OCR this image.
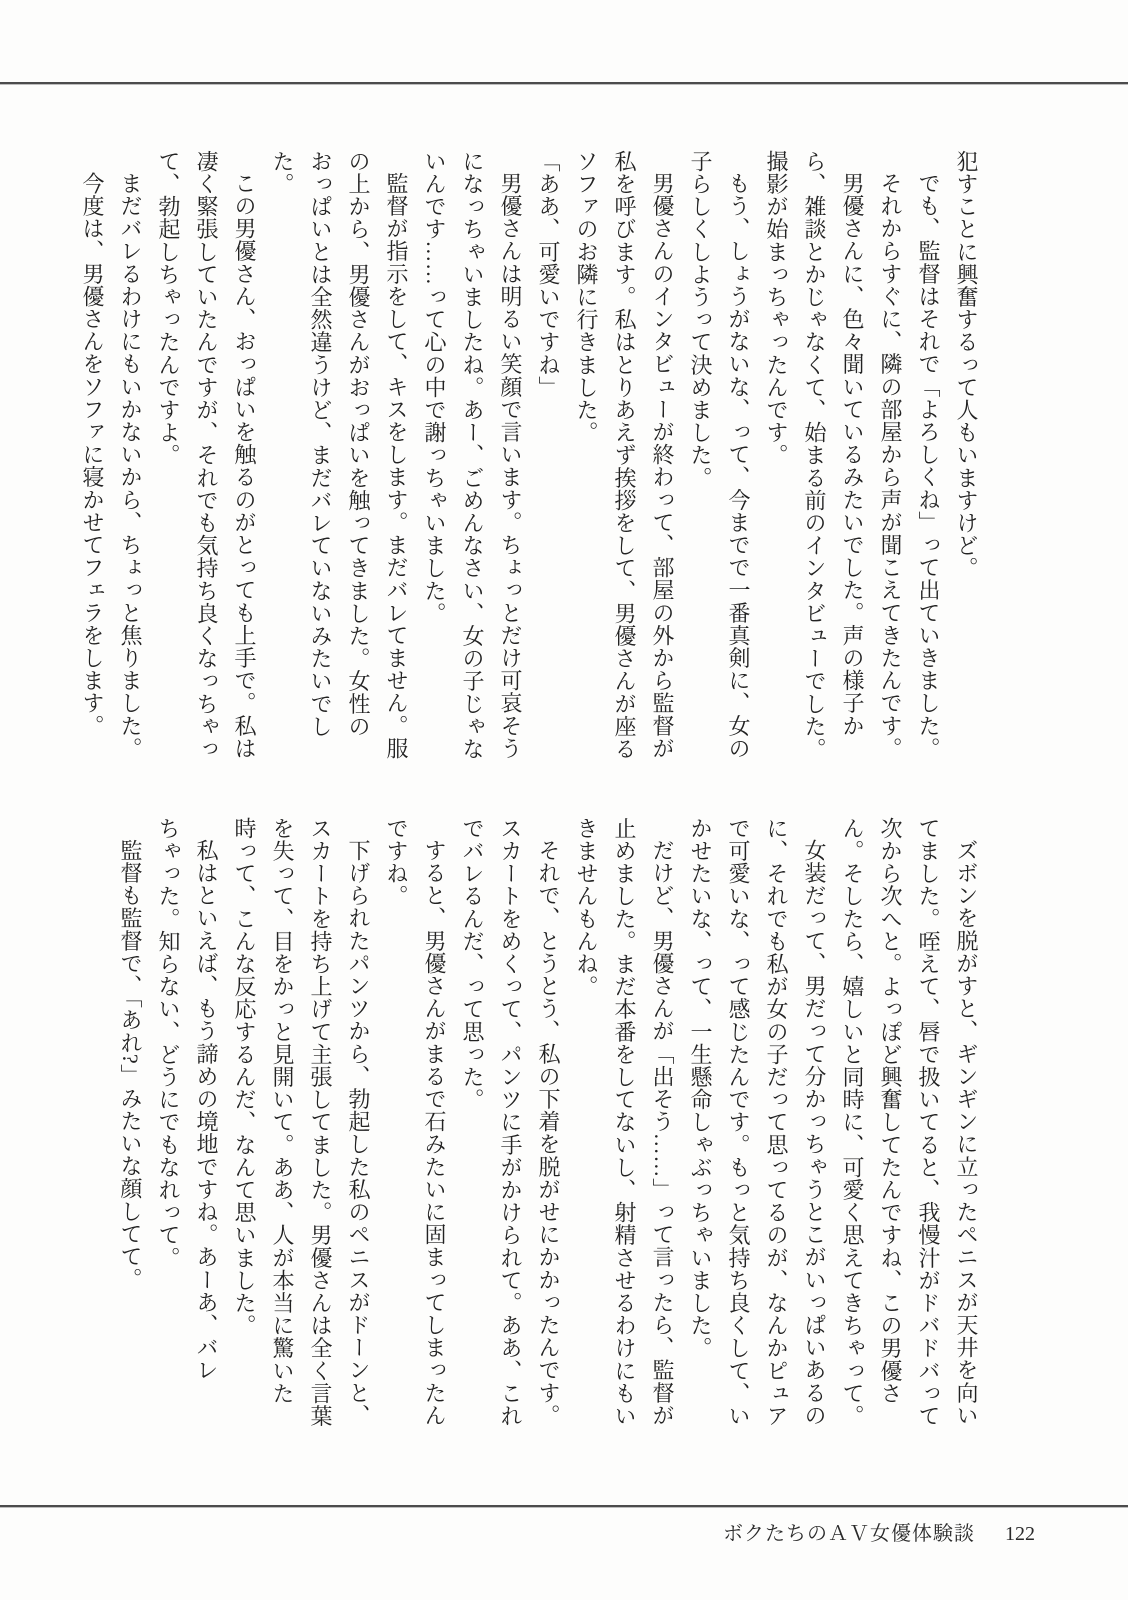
犯すことに興奮するって人もいますけど。

でも、監督はそれで「よろしくね」って出ていきました。

それからすぐに、隣の部屋から声が聞こえてきたんです。

男優さんに、色々聞いているみたいでした。声の様子から、雑談とかじゃなくて、始まる前のインタビューでした。撮影が始まっちゃったんです。

もう、しょうがないな、って、今までで一番真剣に、女の子らしくしようって決めました。

男優さんのインタビューが終わって、部屋の外から監督が私を呼びます。私はとりあえず挨拶をして、男優さんが座るソファのお隣に行きました。

「ああ、可愛いですね」

男優さんは明るい笑顔で言います。ちょっとだけ可哀そうになっちゃいましたね。あー、ごめんなさい、女の子じゃないんです……って心の中で謝っちゃいました。

監督が指示をして、キスをします。まだバレてません。服の上から、男優さんがおっぱいを触ってきました。女性のおっぱいとは全然違うけど、まだバレていないみたいでした。

この男優さん、おっぱいを触るのがとっても上手で。私は凄く緊張していたんですが、それでも気持ち良くなっちゃって、勃起しちゃったんですよ。

まだバレるわけにもいかないから、ちょっと焦りました。

今度は、男優さんをソファに寝かせてフェラをします。

ズボンを脱がすと、ギンギンに立ったペニスが天井を向いてました。咥えて、唇で扱いてると、我慢汁がドバドバって次から次へと。よっぽど興奮してたんですね、この男優さん。そしたら、嬉しいと同時に、可愛く思えてきちゃって。

女装だって、男だって分かっちゃうとこがいっぱいあるのに、それでも私が女の子だって思ってるのが、なんかピュアで可愛いな、って感じたんです。もっと気持ち良くして、いかせたいな、って、一生懸命しゃぶっちゃいました。

だけど、男優さんが「出そう……」って言ったら、監督が止めました。まだ本番をしてないし、射精させるわけにもいきませんもんね。

それで、とうとう、私の下着を脱がせにかかったんです。スカートをめくって、パンツに手がかけられて。ああ、これでバレるんだ、って思った。

すると、男優さんがまるで石みたいに固まってしまったんですね。

下げられたパンツから、勃起した私のペニスがドーンと、スカートを持ち上げて主張してました。男優さんは全く言葉を失って、目をかっと見開いて。ああ、人が本当に驚いた時って、こんな反応するんだ、なんて思いました。

私はといえば、もう諦めの境地ですね。あーあ、バレちゃった。知らない、どうにでもなれって。

監督も監督で、「あれ?」みたいな顔してて。

ボクたちのＡＶ女優体験談 122
